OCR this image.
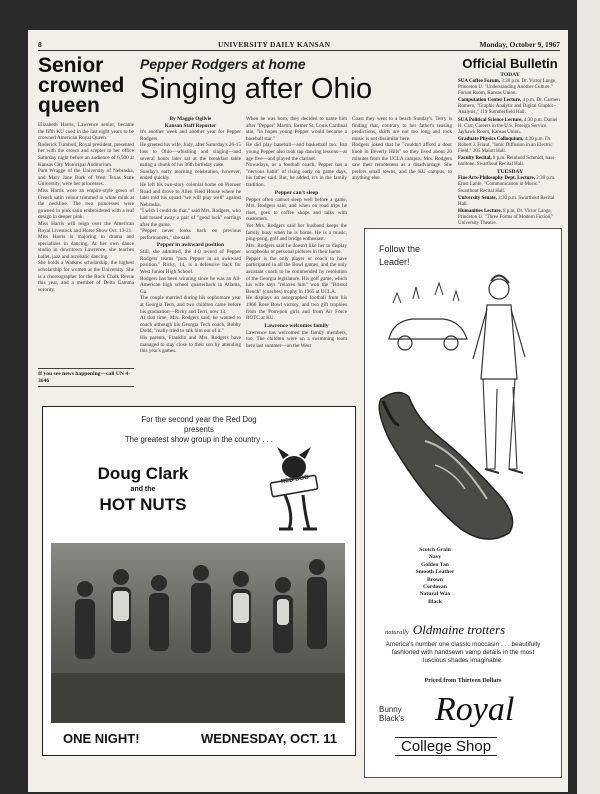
8	UNIVERSITY DAILY KANSAN	Monday, October 9, 1967
Senior
crowned
queen

Elizabeth Harris, Lawrence senior, became the fifth KU coed in the last eight years to be crowned American Royal Queen.

Roderick Turnbull, Royal president, presented her with the crown and scepter to her office Saturday night before an audience of 6,500 at Kansas City Municipal Auditorium.

Pam Wragge of the University of Nebraska, and Mary Jane Burk of West Texas State University, were her princesses.

Miss Harris wore an empire-style gown of French satin velour trimmed in white mink at the neckline. The two princesses were gowned in pink satin embroidered with a leaf design in deeper pink.

Miss Harris will reign over the American Royal Livestock and Horse Show Oct. 13-21.

Miss Harris is majoring in drama and specializes in dancing. At her own dance studio in downtown Lawrence, she teaches ballet, jazz and acrobatic dancing.

She holds a Watkins scholarship, the highest scholarship for women at the University. She is a choreographer for the Rock Chalk Revue this year, and a member of Delta Gamma sorority.

If you see news happening—call UN 4-3646
Pepper Rodgers at home
Singing after Ohio
By Maggie Ogilvie
Kansan Staff Reporter

It's another week and another year for Pepper Rodgers.

He greeted his wife, Judy, after Saturday's 26-15 loss to Ohio—whistling and singing—and several hours later sat at the breakfast table eating a chunk of his 36th birthday cake.

Sunday's early morning celebration, however, ended quickly.

He left his two-story colonial home on Pioneer Road and drove to Allen Field House where he later told his squad "we will play well" against Nebraska.

"I wish I could do that," said Mrs. Rodgers, who had tossed away a pair of "good luck" earrings after the game.

"Pepper never looks back on previous performances," she said.

Pepper in awkward position

Still, she admitted, the 4-0 record of Pepper Rodgers' teams "puts Pepper in an awkward position." Ricky, 14, is a defensive back for West Junior High School.

Rodgers has been winning since he was an All-American high school quarterback in Atlanta, Ga.

The couple married during his sophomore year at Georgia Tech, and two children came before his graduation—Ricky and Terri, now 13.

At that time, Mrs. Rodgers said, he wanted to coach although his Georgia Tech coach, Bobby Dodd, "really tried to talk him out of it."

His parents, Franklin and Mrs. Rodgers have managed to stay close to their son by attending this year's games.

When he was born, they decided to name him after "Pepper" Martin, former St. Louis Cardinal star, "in hopes young Pepper would become a baseball star."

He did play baseball—and basketball too. But young Pepper also took tap dancing lessons—at age five—and played the clarinet.

Nowadays, as a football coach, Pepper has a "nervous habit" of rising early on game days, his father said. But, he added, it's in the family tradition.

Pepper can't sleep

Pepper often cannot sleep well before a game, Mrs. Rodgers said, and when on road trips he rises, goes to coffee shops and talks with customers.

Yet Mrs. Rodgers said her husband keeps the family busy when he is home. He is a music, ping-pong, golf and bridge enthusiast.

Mrs. Rodgers said he doesn't like her to display scrapbooks or personal pictures in their home.

Pepper is the only player or coach to have participated in all the Bowl games, and the only assistant coach to be commended by resolution of the Georgia legislature. His golf game, which his wife says "relaxes him" won the "Bristol Bench" (coaches) trophy in 1965 at UCLA.

He displays an autographed football from his 1966 Rose Bowl victory, and two gift trophies from the Pom-pon girls and from Air Force ROTC at KU.

Lawrence welcomes family

Lawrence has welcomed the family members, too. The children were on a swimming team here last summer—on the West

Coast they went to a beach Sunday's. Terry is finding that, contrary to her father's teasing predictions, skirts are not too long and rock music is not dissimilar here.

Rodgers joked that he "couldn't afford a door knob in Beverly Hills" so they lived about 20 minutes from the UCLA campus. Mrs. Rodgers saw their remoteness as a disadvantage. She prefers small towns, and the KU campus, to anything else.

Official Bulletin
TODAY

SUA Coffee Forum, 3:30 p.m. Dr. Victor Lange, Princeton U. "Understanding Another Culture." Forum Room, Kansas Union.

Computation Center Lecture, 4 p.m. Dr. Carmen Romero, "Graphic Analytic and Digital Graphic-Analysis," 119 Summerfield Hall.

SUA Political Science Lecture, 4:30 p.m. Daniel H. Carr, Careers in the U.S. Foreign Service. Jayhawk Room, Kansas Union.

Graduate Physics Colloquium, 4:30 p.m. Dr. Robert J. Friauf, "Ionic Diffusion in an Electric Field." 305 Malott Hall.

Faculty Recital, 8 p.m. Reinhold Schmidt, bass-baritone. Swarthout Recital Hall.

TUESDAY

Fine Arts-Philosophy Dept. Lecture, 2:30 p.m. Ernst Lanfe, "Communication in Music." Swarthout Recital Hall.

University Senate, 3:30 p.m. Swarthout Recital Hall.

Humanities Lecture, 8 p.m. Dr. Victor Lange, Princeton U. "Three Forms of Modern Fiction," University Theatre.

For the second year the Red Dog
presents
The greatest show group in the country . . .
Doug Clark
and the
HOT NUTS
RED DOG
ONE NIGHT!	WEDNESDAY, OCT. 11
Follow the Leader!
Scotch Grain
Navy
Golden Tan
Smooth Leather
Brown
Cordovan
Natural Wax
Black
naturally Oldmaine trotters
America's number one classic moccasin . . . beautifully fashioned with handsewn vamp details in the most luscious shades imaginable.
Priced from Thirteen Dollars
Bunny
Black's Royal
College Shop
